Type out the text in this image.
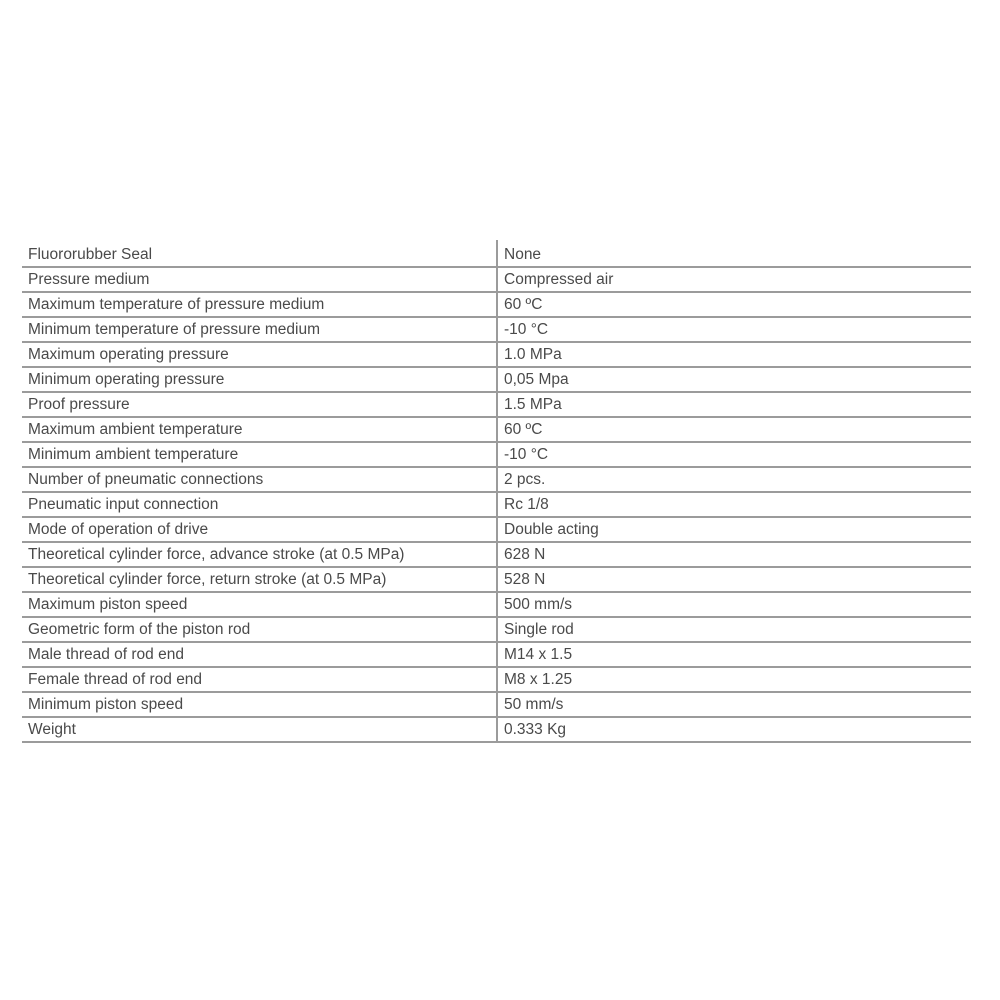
Fluororubber Seal	None
Pressure medium	Compressed air
Maximum temperature of pressure medium	60 ºC
Minimum temperature of pressure medium	-10 °C
Maximum operating pressure	1.0 MPa
Minimum operating pressure	0,05 Mpa
Proof pressure	1.5 MPa
Maximum ambient temperature	60 ºC
Minimum ambient temperature	-10 °C
Number of pneumatic connections	2 pcs.
Pneumatic input connection	Rc 1/8
Mode of operation of drive	Double acting
Theoretical cylinder force, advance stroke (at 0.5 MPa)	628 N
Theoretical cylinder force, return stroke (at 0.5 MPa)	528 N
Maximum piston speed	500 mm/s
Geometric form of the piston rod	Single rod
Male thread of rod end	M14 x 1.5
Female thread of rod end	M8 x 1.25
Minimum piston speed	50 mm/s
Weight	0.333 Kg
